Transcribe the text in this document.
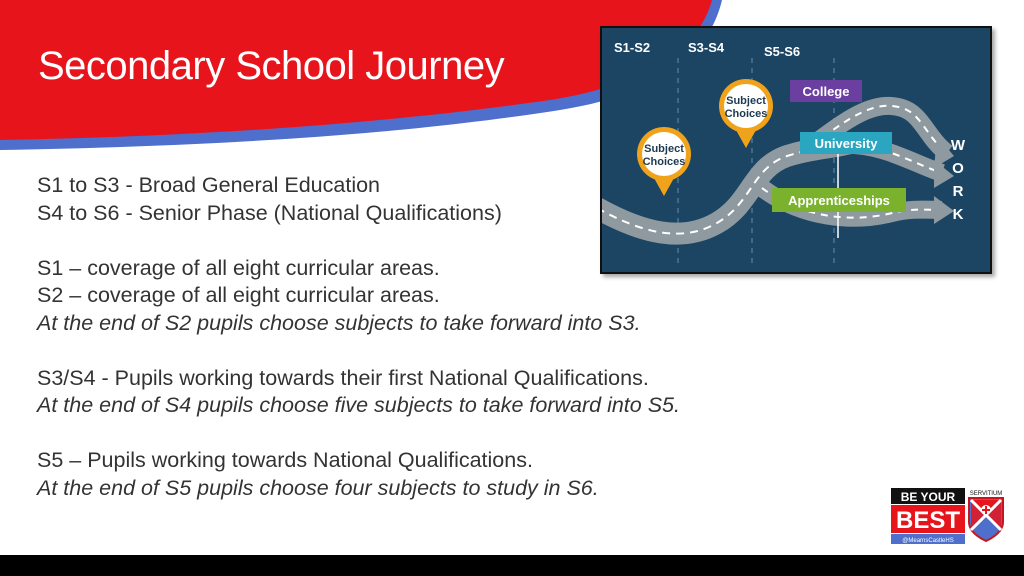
Secondary School Journey

S1 to S3 - Broad General Education

S4 to S6 - Senior Phase (National Qualifications)

S1 – coverage of all eight curricular areas.

S2 – coverage of all eight curricular areas.

At the end of S2 pupils choose subjects to take forward into S3.

S3/S4 - Pupils working towards their first National Qualifications.

At the end of S4 pupils choose five subjects to take forward into S5.

S5 – Pupils working towards National Qualifications.

At the end of S5 pupils choose four subjects to study in S6.

S1-S2	S3-S4	S5-S6
College
University
Apprenticeships
W
O
R
K
Subject
Choices
Subject
Choices
BE YOUR
BEST
@MearnsCastleHS
SERVITIUM
